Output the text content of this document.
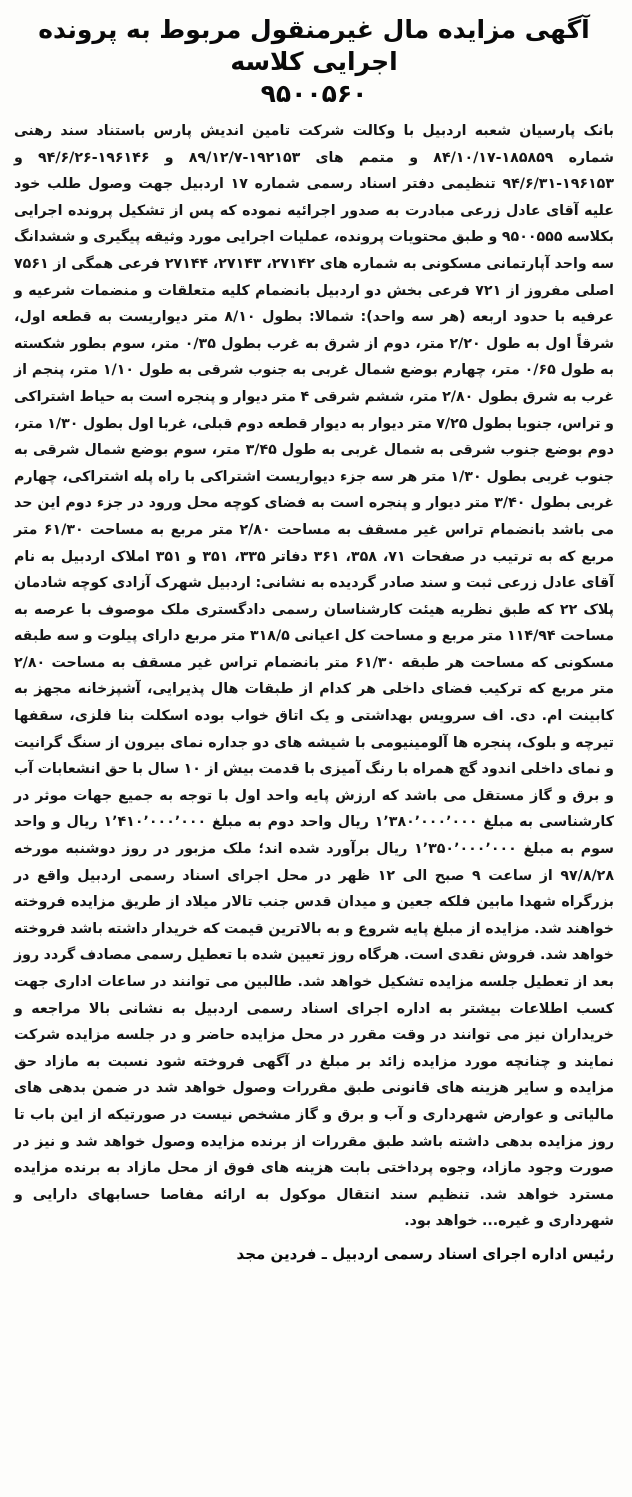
آگهی مزایده مال غیرمنقول مربوط به پرونده اجرایی کلاسه
۹۵۰۰۵۶۰

بانک پارسیان شعبه اردبیل با وکالت شرکت تامین اندیش پارس باستناد سند رهنی شماره ۱۸۵۸۵۹-۸۴/۱۰/۱۷ و متمم های ۱۹۲۱۵۳-۸۹/۱۲/۷ و ۱۹۶۱۴۶-۹۴/۶/۲۶ و ۱۹۶۱۵۳-۹۴/۶/۳۱ تنظیمی دفتر اسناد رسمی شماره ۱۷ اردبیل جهت وصول طلب خود علیه آقای عادل زرعی مبادرت به صدور اجرائیه نموده که پس از تشکیل پرونده اجرایی بکلاسه ۹۵۰۰۵۵۵ و طبق محتویات پرونده، عملیات اجرایی مورد وثیقه پیگیری و ششدانگ سه واحد آپارتمانی مسکونی به شماره های ۲۷۱۴۲، ۲۷۱۴۳، ۲۷۱۴۴ فرعی همگی از ۷۵۶۱ اصلی مفروز از ۷۲۱ فرعی بخش دو اردبیل بانضمام کلیه متعلقات و منضمات شرعیه و عرفیه با حدود اربعه (هر سه واحد): شمالا: بطول ۸/۱۰ متر دیواریست به قطعه اول، شرقاً اول به طول ۲/۲۰ متر، دوم از شرق به غرب بطول ۰/۳۵ متر، سوم بطور شکسته به طول ۰/۶۵ متر، چهارم بوضع شمال غربی به جنوب شرقی به طول ۱/۱۰ متر، پنجم از غرب به شرق بطول ۲/۸۰ متر، ششم شرقی ۴ متر دیوار و پنجره است به حیاط اشتراکی و تراس، جنوبا بطول ۷/۲۵ متر دیوار به دیوار قطعه دوم قبلی، غربا اول بطول ۱/۳۰ متر، دوم بوضع جنوب شرقی به شمال غربی به طول ۳/۴۵ متر، سوم بوضع شمال شرقی به جنوب غربی بطول ۱/۳۰ متر هر سه جزء دیواریست اشتراکی با راه پله اشتراکی، چهارم غربی بطول ۳/۴۰ متر دیوار و پنجره است به فضای کوچه محل ورود در جزء دوم این حد می باشد بانضمام تراس غیر مسقف به مساحت ۲/۸۰ متر مربع به مساحت ۶۱/۳۰ متر مربع که به ترتیب در صفحات ۷۱، ۳۵۸، ۳۶۱ دفاتر ۳۳۵، ۳۵۱ و ۳۵۱ املاک اردبیل به نام آقای عادل زرعی ثبت و سند صادر گردیده به نشانی: اردبیل شهرک آزادی کوچه شادمان پلاک ۲۲ که طبق نظریه هیئت کارشناسان رسمی دادگستری ملک موصوف با عرصه به مساحت ۱۱۴/۹۴ متر مربع و مساحت کل اعیانی ۳۱۸/۵ متر مربع دارای پیلوت و سه طبقه مسکونی که مساحت هر طبقه ۶۱/۳۰ متر بانضمام تراس غیر مسقف به مساحت ۲/۸۰ متر مربع که ترکیب فضای داخلی هر کدام از طبقات هال پذیرایی، آشپزخانه مجهز به کابینت ام. دی. اف سرویس بهداشتی و یک اتاق خواب بوده اسکلت بنا فلزی، سقفها تیرچه و بلوک، پنجره ها آلومینیومی با شیشه های دو جداره نمای بیرون از سنگ گرانیت و نمای داخلی اندود گچ همراه با رنگ آمیزی با قدمت بیش از ۱۰ سال با حق انشعابات آب و برق و گاز مستقل می باشد که ارزش پایه واحد اول با توجه به جمیع جهات موثر در کارشناسی به مبلغ ۱٬۳۸۰٬۰۰۰٬۰۰۰ ریال واحد دوم به مبلغ ۱٬۴۱۰٬۰۰۰٬۰۰۰ ریال و واحد سوم به مبلغ ۱٬۳۵۰٬۰۰۰٬۰۰۰ ریال برآورد شده اند؛ ملک مزبور در روز دوشنبه مورخه ۹۷/۸/۲۸ از ساعت ۹ صبح الی ۱۲ ظهر در محل اجرای اسناد رسمی اردبیل واقع در بزرگراه شهدا مابین فلکه جعین و میدان قدس جنب تالار میلاد از طریق مزایده فروخته خواهند شد. مزایده از مبلغ پایه شروع و به بالاترین قیمت که خریدار داشته باشد فروخته خواهد شد. فروش نقدی است. هرگاه روز تعیین شده با تعطیل رسمی مصادف گردد روز بعد از تعطیل جلسه مزایده تشکیل خواهد شد. طالبین می توانند در ساعات اداری جهت کسب اطلاعات بیشتر به اداره اجرای اسناد رسمی اردبیل به نشانی بالا مراجعه و خریداران نیز می توانند در وقت مقرر در محل مزایده حاضر و در جلسه مزایده شرکت نمایند و چنانچه مورد مزایده زائد بر مبلغ در آگهی فروخته شود نسبت به مازاد حق مزایده و سایر هزینه های قانونی طبق مقررات وصول خواهد شد در ضمن بدهی های مالیاتی و عوارض شهرداری و آب و برق و گاز مشخص نیست در صورتیکه از این باب تا روز مزایده بدهی داشته باشد طبق مقررات از برنده مزایده وصول خواهد شد و نیز در صورت وجود مازاد، وجوه پرداختی بابت هزینه های فوق از محل مازاد به برنده مزایده مسترد خواهد شد. تنظیم سند انتقال موکول به ارائه مفاصا حسابهای دارایی و شهرداری و غیره... خواهد بود.

رئیس اداره اجرای اسناد رسمی اردبیل ـ فردین مجد
